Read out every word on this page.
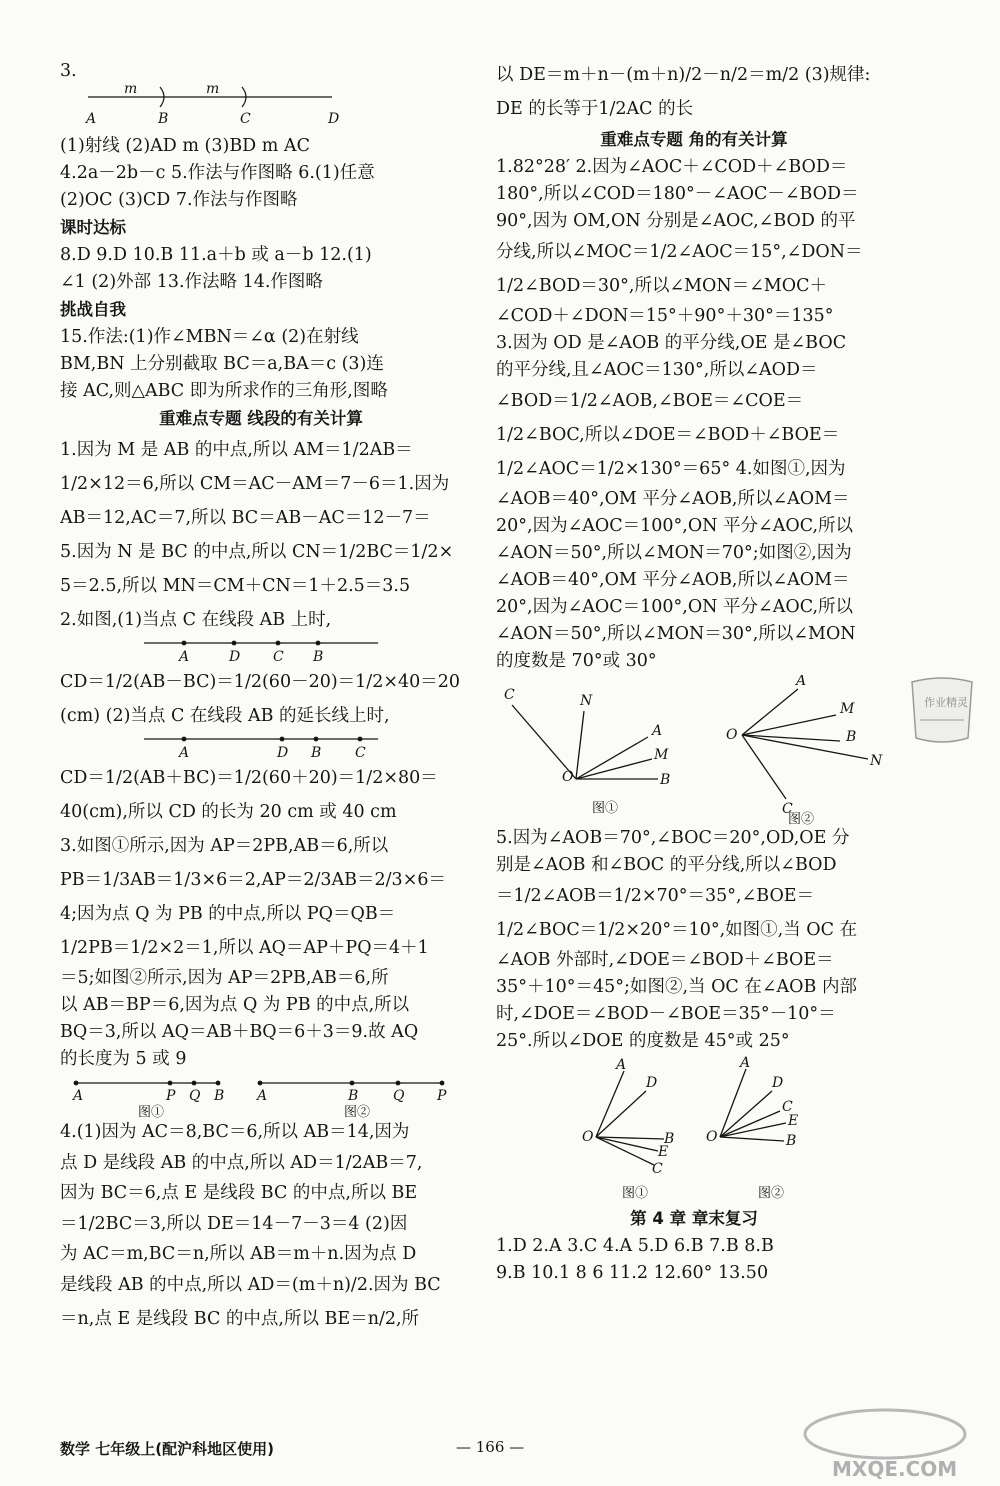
3.
m	m
A	B	C	D
(1)射线 (2)AD m (3)BD m AC
4.2a－2b－c 5.作法与作图略 6.(1)任意
(2)OC (3)CD 7.作法与作图略
课时达标
8.D 9.D 10.B 11.a＋b 或 a－b 12.(1)
∠1 (2)外部 13.作法略 14.作图略
挑战自我
15.作法:(1)作∠MBN＝∠α (2)在射线
BM,BN 上分别截取 BC＝a,BA＝c (3)连
接 AC,则△ABC 即为所求作的三角形,图略
重难点专题 线段的有关计算
1.因为 M 是 AB 的中点,所以 AM＝1/2AB＝
1/2×12＝6,所以 CM＝AC－AM＝7－6＝1.因为
AB＝12,AC＝7,所以 BC＝AB－AC＝12－7＝
5.因为 N 是 BC 的中点,所以 CN＝1/2BC＝1/2×
5＝2.5,所以 MN＝CM＋CN＝1＋2.5＝3.5
2.如图,(1)当点 C 在线段 AB 上时,
A	D C B
CD＝1/2(AB－BC)＝1/2(60－20)＝1/2×40＝20
(cm) (2)当点 C 在线段 AB 的延长线上时,
A	D B C
CD＝1/2(AB＋BC)＝1/2(60＋20)＝1/2×80＝
40(cm),所以 CD 的长为 20 cm 或 40 cm
3.如图①所示,因为 AP＝2PB,AB＝6,所以
PB＝1/3AB＝1/3×6＝2,AP＝2/3AB＝2/3×6＝
4;因为点 Q 为 PB 的中点,所以 PQ＝QB＝
1/2PB＝1/2×2＝1,所以 AQ＝AP＋PQ＝4＋1
＝5;如图②所示,因为 AP＝2PB,AB＝6,所
以 AB＝BP＝6,因为点 Q 为 PB 的中点,所以
BQ＝3,所以 AQ＝AB＋BQ＝6＋3＝9.故 AQ
的长度为 5 或 9
A	P Q B
图①
A	B Q P
图②
4.(1)因为 AC＝8,BC＝6,所以 AB＝14,因为
点 D 是线段 AB 的中点,所以 AD＝1/2AB＝7,
因为 BC＝6,点 E 是线段 BC 的中点,所以 BE
＝1/2BC＝3,所以 DE＝14－7－3＝4 (2)因
为 AC＝m,BC＝n,所以 AB＝m＋n.因为点 D
是线段 AB 的中点,所以 AD＝(m＋n)/2.因为 BC
＝n,点 E 是线段 BC 的中点,所以 BE＝n/2,所
以 DE＝m＋n－(m＋n)/2－n/2＝m/2 (3)规律:
DE 的长等于1/2AC 的长
重难点专题 角的有关计算
1.82°28′ 2.因为∠AOC＋∠COD＋∠BOD＝
180°,所以∠COD＝180°－∠AOC－∠BOD＝
90°,因为 OM,ON 分别是∠AOC,∠BOD 的平
分线,所以∠MOC＝1/2∠AOC＝15°,∠DON＝
1/2∠BOD＝30°,所以∠MON＝∠MOC＋
∠COD＋∠DON＝15°＋90°＋30°＝135°
3.因为 OD 是∠AOB 的平分线,OE 是∠BOC
的平分线,且∠AOC＝130°,所以∠AOD＝
∠BOD＝1/2∠AOB,∠BOE＝∠COE＝
1/2∠BOC,所以∠DOE＝∠BOD＋∠BOE＝
1/2∠AOC＝1/2×130°＝65° 4.如图①,因为
∠AOB＝40°,OM 平分∠AOB,所以∠AOM＝
20°,因为∠AOC＝100°,ON 平分∠AOC,所以
∠AON＝50°,所以∠MON＝70°;如图②,因为
∠AOB＝40°,OM 平分∠AOB,所以∠AOM＝
20°,因为∠AOC＝100°,ON 平分∠AOC,所以
∠AON＝50°,所以∠MON＝30°,所以∠MON
的度数是 70°或 30°
C	N
A
M
B
O
图①
A
M
O	B
N
C
图②
5.因为∠AOB＝70°,∠BOC＝20°,OD,OE 分
别是∠AOB 和∠BOC 的平分线,所以∠BOD
＝1/2∠AOB＝1/2×70°＝35°,∠BOE＝
1/2∠BOC＝1/2×20°＝10°,如图①,当 OC 在
∠AOB 外部时,∠DOE＝∠BOD＋∠BOE＝
35°＋10°＝45°;如图②,当 OC 在∠AOB 内部
时,∠DOE＝∠BOD－∠BOE＝35°－10°＝
25°.所以∠DOE 的度数是 45°或 25°
A
D
O	B
E
C
图①
A
D
C
E
B
O
图②
第 4 章 章末复习
1.D 2.A 3.C 4.A 5.D 6.B 7.B 8.B
9.B 10.1 8 6 11.2 12.60° 13.50
作业精灵
数学 七年级上(配沪科地区使用)	— 166 —
MXQE.COM
